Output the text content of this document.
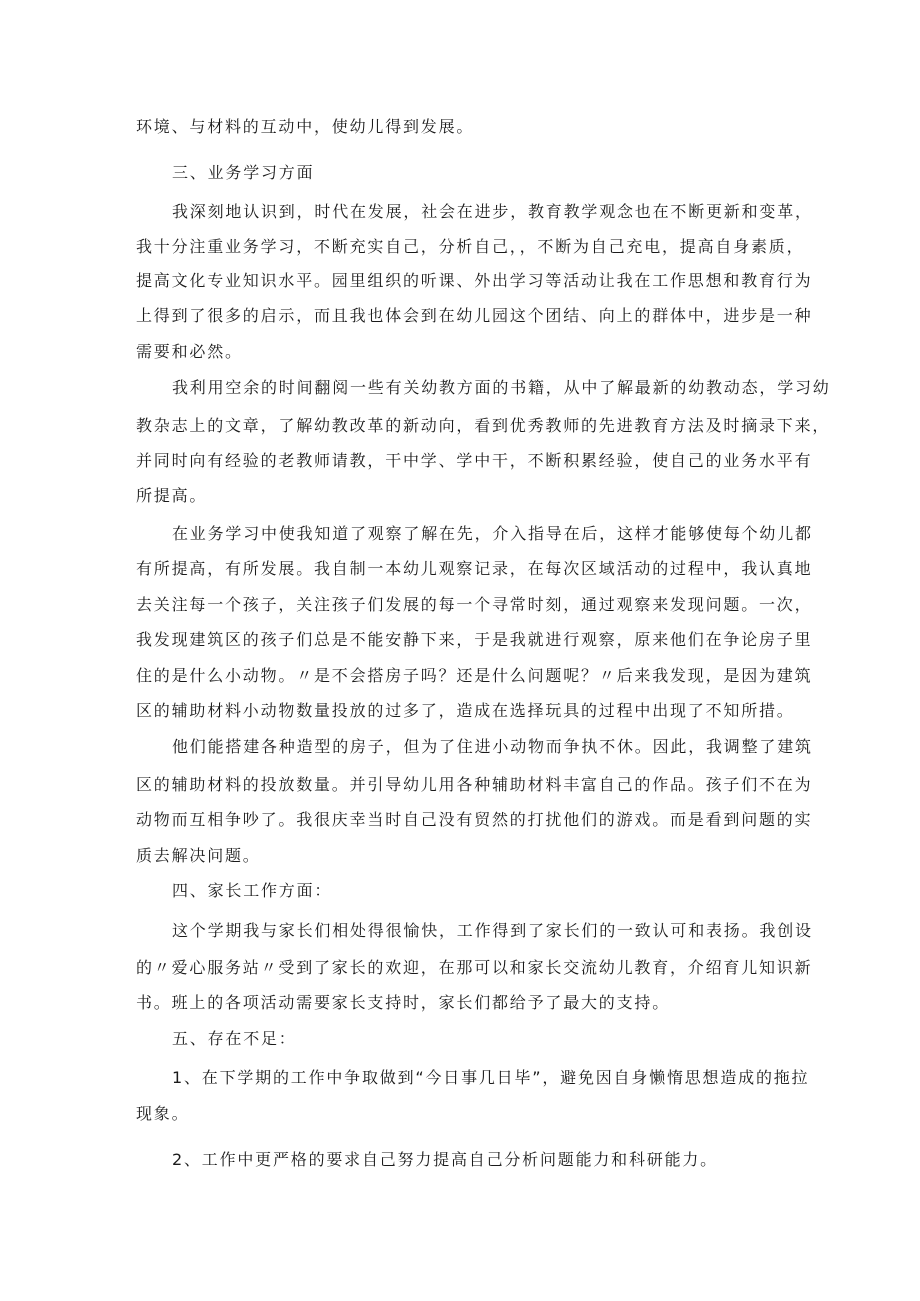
环境、与材料的互动中，使幼儿得到发展。
三、业务学习方面
我深刻地认识到，时代在发展，社会在进步，教育教学观念也在不断更新和变革，
我十分注重业务学习，不断充实自己，分析自己，，不断为自己充电，提高自身素质，
提高文化专业知识水平。园里组织的听课、外出学习等活动让我在工作思想和教育行为
上得到了很多的启示，而且我也体会到在幼儿园这个团结、向上的群体中，进步是一种
需要和必然。
我利用空余的时间翻阅一些有关幼教方面的书籍，从中了解最新的幼教动态，学习幼
教杂志上的文章，了解幼教改革的新动向，看到优秀教师的先进教育方法及时摘录下来，
并同时向有经验的老教师请教，干中学、学中干，不断积累经验，使自己的业务水平有
所提高。
在业务学习中使我知道了观察了解在先，介入指导在后，这样才能够使每个幼儿都
有所提高，有所发展。我自制一本幼儿观察记录，在每次区域活动的过程中，我认真地
去关注每一个孩子，关注孩子们发展的每一个寻常时刻，通过观察来发现问题。一次，
我发现建筑区的孩子们总是不能安静下来，于是我就进行观察，原来他们在争论房子里
住的是什么小动物。〃是不会搭房子吗？还是什么问题呢？〃后来我发现，是因为建筑
区的辅助材料小动物数量投放的过多了，造成在选择玩具的过程中出现了不知所措。
他们能搭建各种造型的房子，但为了住进小动物而争执不休。因此，我调整了建筑
区的辅助材料的投放数量。并引导幼儿用各种辅助材料丰富自己的作品。孩子们不在为
动物而互相争吵了。我很庆幸当时自己没有贸然的打扰他们的游戏。而是看到问题的实
质去解决问题。
四、家长工作方面：
这个学期我与家长们相处得很愉快，工作得到了家长们的一致认可和表扬。我创设
的〃爱心服务站〃受到了家长的欢迎，在那可以和家长交流幼儿教育，介绍育儿知识新
书。班上的各项活动需要家长支持时，家长们都给予了最大的支持。
五、存在不足：
1、在下学期的工作中争取做到“今日事几日毕”，避免因自身懒惰思想造成的拖拉
现象。
2、工作中更严格的要求自己努力提高自己分析问题能力和科研能力。
